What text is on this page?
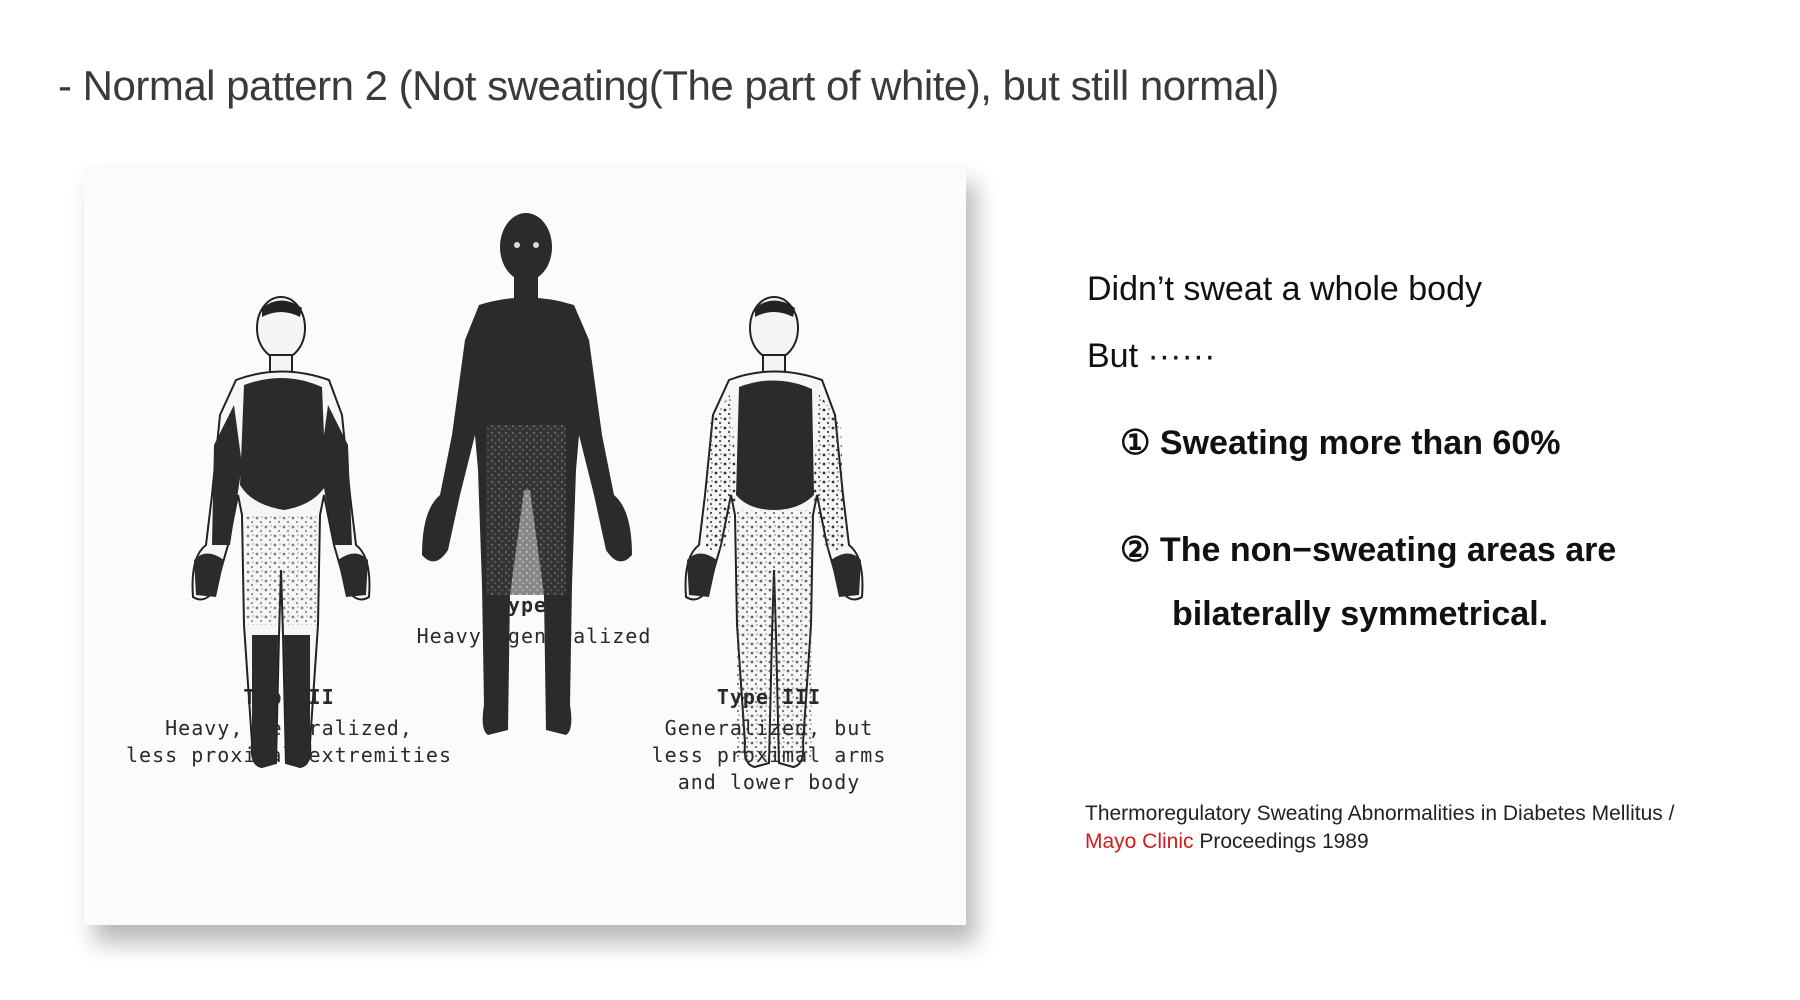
- Normal pattern 2 (Not sweating(The part of white), but still normal)
Type I
Heavy, generalized
Type II
Heavy, generalized,
less proximal extremities
Type III
Generalized, but
less proximal arms
and lower body
Didn’t sweat a whole body
But ······
① Sweating more than 60%
② The non−sweating areas are
bilaterally symmetrical.
Thermoregulatory Sweating Abnormalities in Diabetes Mellitus /
Mayo Clinic Proceedings 1989
